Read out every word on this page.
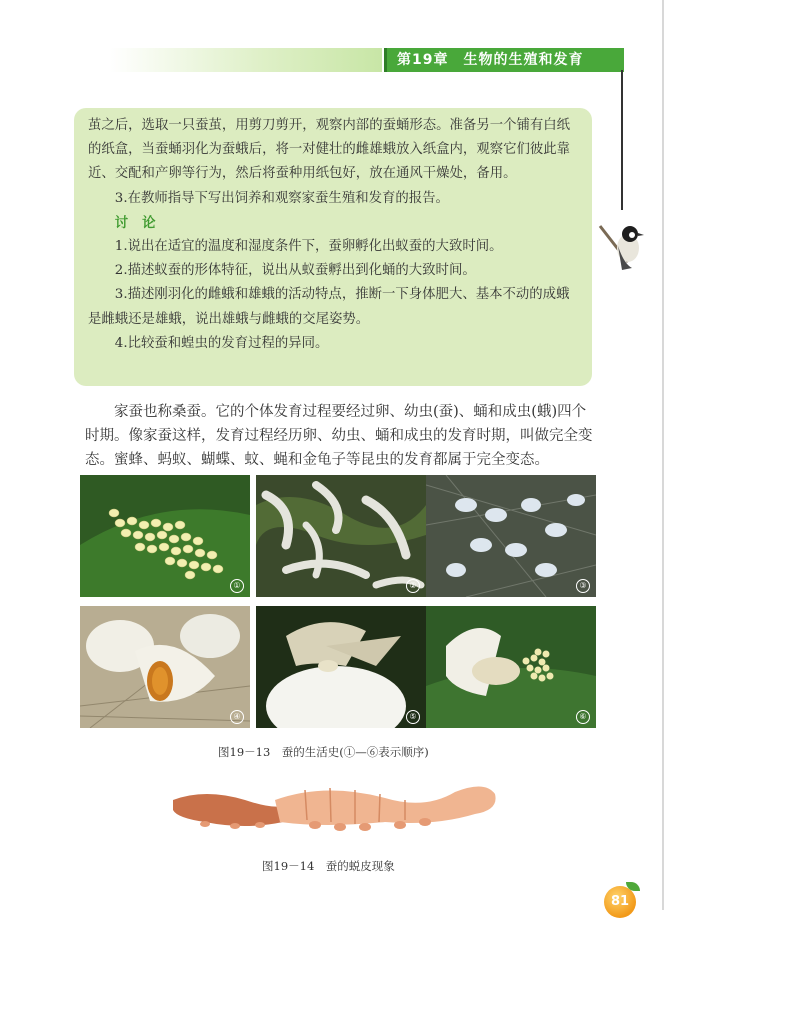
第19章　生物的生殖和发育

茧之后，选取一只蚕茧，用剪刀剪开，观察内部的蚕蛹形态。准备另一个铺有白纸的纸盒，当蚕蛹羽化为蚕蛾后，将一对健壮的雌雄蛾放入纸盒内，观察它们彼此靠近、交配和产卵等行为，然后将蚕种用纸包好，放在通风干燥处，备用。

3.在教师指导下写出饲养和观察家蚕生殖和发育的报告。

讨论

1.说出在适宜的温度和湿度条件下，蚕卵孵化出蚁蚕的大致时间。

2.描述蚁蚕的形体特征，说出从蚁蚕孵出到化蛹的大致时间。

3.描述刚羽化的雌蛾和雄蛾的活动特点，推断一下身体肥大、基本不动的成蛾是雌蛾还是雄蛾，说出雄蛾与雌蛾的交尾姿势。

4.比较蚕和蝗虫的发育过程的异同。

家蚕也称桑蚕。它的个体发育过程要经过卵、幼虫(蚕)、蛹和成虫(蛾)四个时期。像家蚕这样，发育过程经历卵、幼虫、蛹和成虫的发育时期，叫做完全变态。蜜蜂、蚂蚁、蝴蝶、蚊、蝇和金龟子等昆虫的发育都属于完全变态。

①	②	③
④	⑤	⑥
图19－13　蚕的生活史(①—⑥表示顺序)
图19－14　蚕的蜕皮现象
81
